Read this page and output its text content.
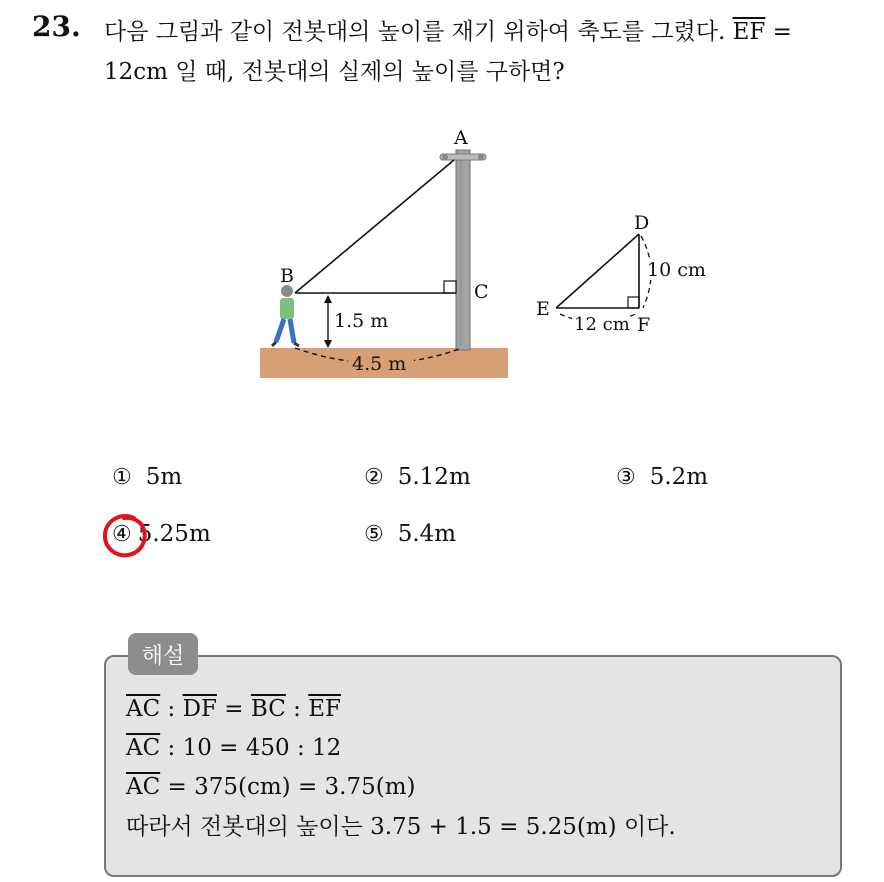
23. 다음 그림과 같이 전봇대의 높이를 재기 위하여 축도를 그렸다. $\overline{EF}$ =
12cm 일 때, 전봇대의 실제의 높이를 구하면?
1.5 m
4.5 m
A
B
C
D
E
F
10 cm
12 cm
① 5m	② 5.12m	③ 5.2m
④ 5.25m	⑤ 5.4m
해설
$\overline{AC}$ : $\overline{DF} = \overline{BC}$ : $\overline{EF}$
$\overline{AC}$ : 10 = 450 : 12
$\overline{AC} = 375(cm) = 3.75(m)$
따라서 전봇대의 높이는 3.75 + 1.5 = 5.25(m) 이다.
